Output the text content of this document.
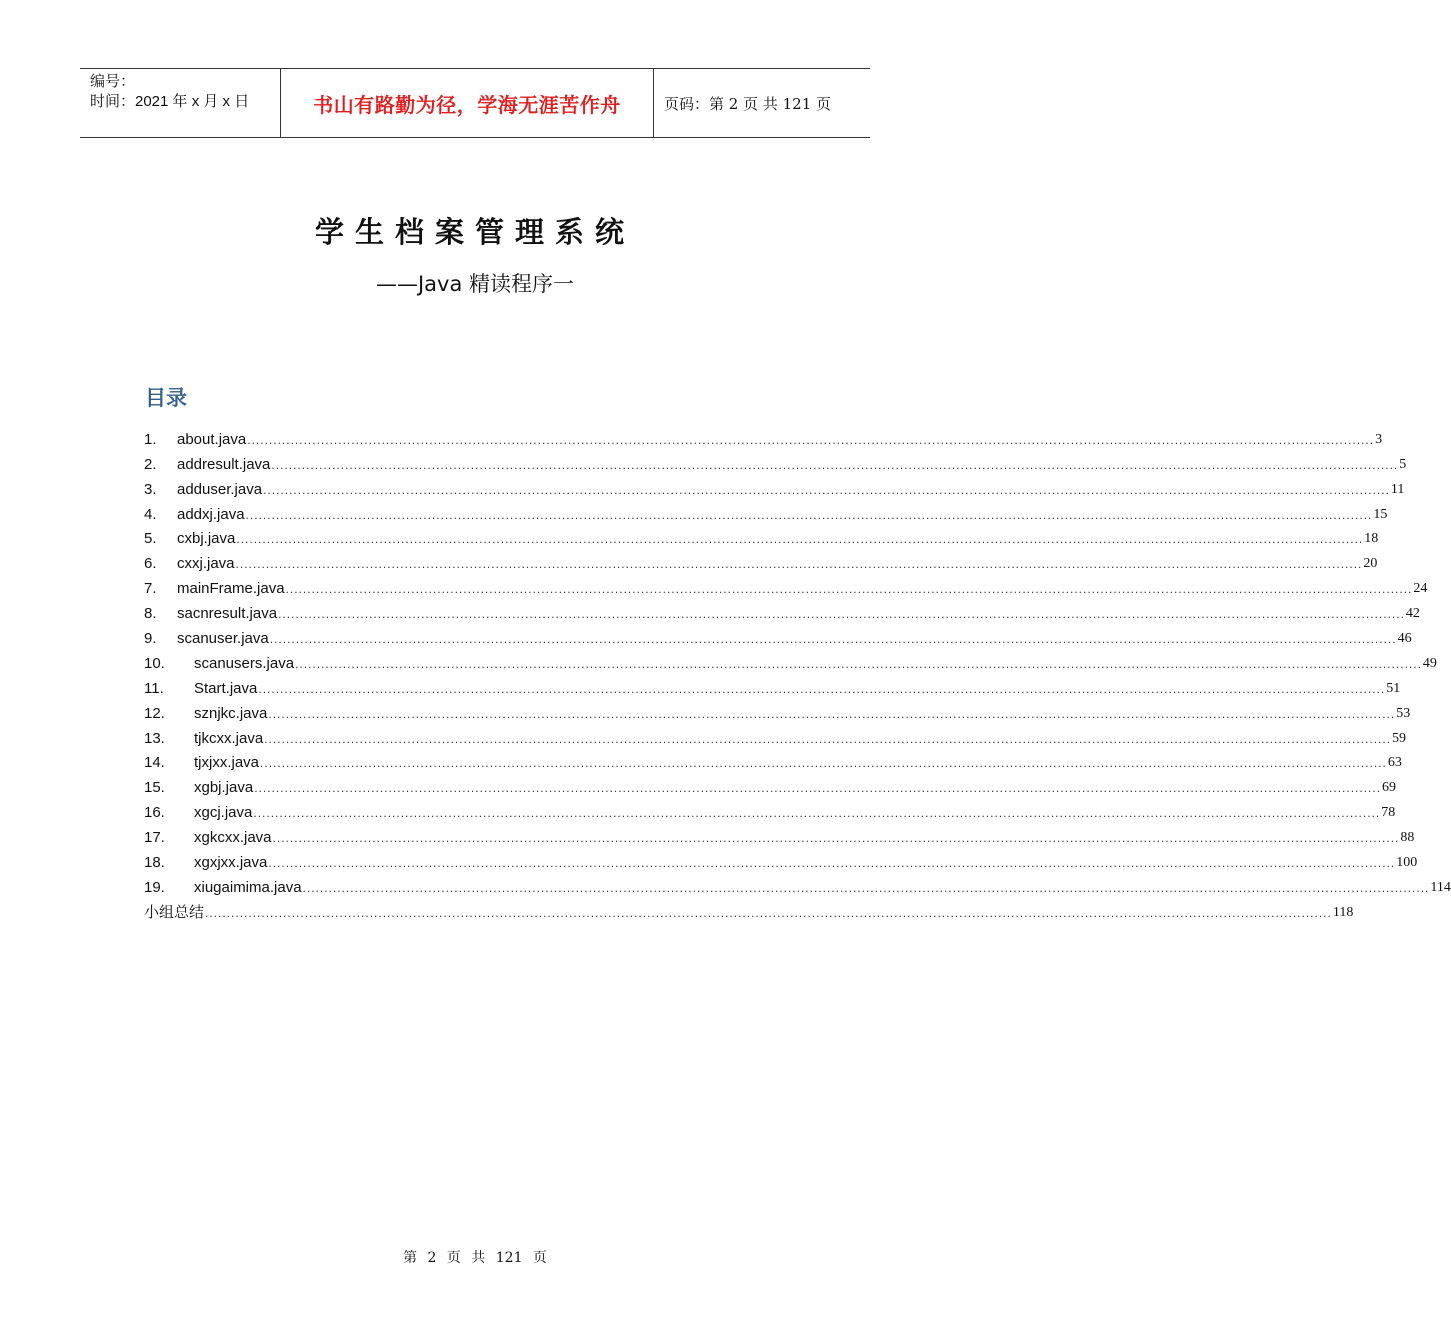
编号：
时间：2021 年 x 月 x 日	书山有路勤为径，学海无涯苦作舟	页码：第 2 页 共 121 页
学生档案管理系统
——Java 精读程序一
目录
1.	about.java .................................................................................................................................................................................................................................................................... 3
2.	addresult.java .................................................................................................................................................................................................................................................................... 5
3.	adduser.java .................................................................................................................................................................................................................................................................... 11
4.	addxj.java .................................................................................................................................................................................................................................................................... 15
5.	cxbj.java .................................................................................................................................................................................................................................................................... 18
6.	cxxj.java .................................................................................................................................................................................................................................................................... 20
7.	mainFrame.java .................................................................................................................................................................................................................................................................... 24
8.	sacnresult.java .................................................................................................................................................................................................................................................................... 42
9.	scanuser.java .................................................................................................................................................................................................................................................................... 46
10.	scanusers.java .................................................................................................................................................................................................................................................................... 49
11.	Start.java .................................................................................................................................................................................................................................................................... 51
12.	sznjkc.java .................................................................................................................................................................................................................................................................... 53
13.	tjkcxx.java .................................................................................................................................................................................................................................................................... 59
14.	tjxjxx.java .................................................................................................................................................................................................................................................................... 63
15.	xgbj.java .................................................................................................................................................................................................................................................................... 69
16.	xgcj.java .................................................................................................................................................................................................................................................................... 78
17.	xgkcxx.java .................................................................................................................................................................................................................................................................... 88
18.	xgxjxx.java .................................................................................................................................................................................................................................................................... 100
19.	xiugaimima.java .................................................................................................................................................................................................................................................................... 114
小组总结 .................................................................................................................................................................................................................................................................... 118
第 2 页 共 121 页
